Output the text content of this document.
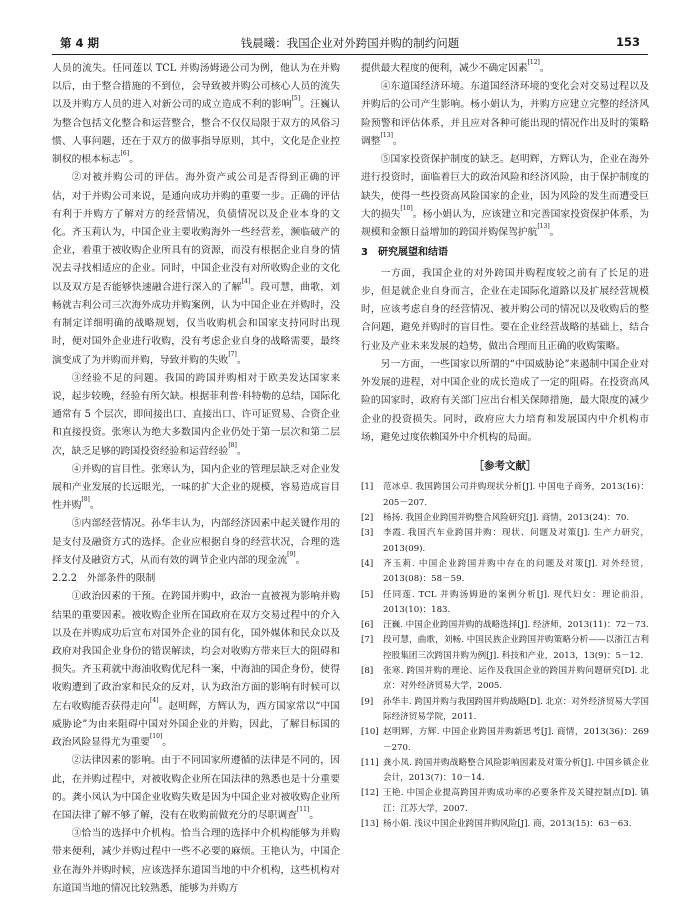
第 4 期	钱晨曦：我国企业对外跨国并购的制约问题	153

人员的流失。任同莲以 TCL 并购汤姆逊公司为例，他认为在并购以后，由于整合措施的不到位，会导致被并购公司核心人员的流失以及并购方人员的进入对新公司的成立造成不利的影响[5]。汪巍认为整合包括文化整合和运营整合，整合不仅仅局限于双方的风俗习惯、人事问题，还在于双方的做事指导原则，其中，文化是企业控制权的根本标志[6]。

②对被并购公司的评估。海外资产或公司是否得到正确的评估，对于并购公司来说，是通向成功并购的重要一步。正确的评估有利于并购方了解对方的经营情况，负债情况以及企业本身的文化。齐玉莉认为，中国企业主要收购海外一些经营差，濒临破产的企业，着重于被收购企业所具有的资源，而没有根据企业自身的情况去寻找相适应的企业。同时，中国企业没有对所收购企业的文化以及双方是否能够快速融合进行深入的了解[4]。段可慧，曲歌，刘畅就吉利公司三次海外成功并购案例，认为中国企业在并购时，没有制定详细明确的战略规划，仅当收购机会和国家支持同时出现时，便对国外企业进行收购，没有考虑企业自身的战略需要，最终演变成了为并购而并购，导致并购的失败[7]。

③经验不足的问题。我国的跨国并购相对于欧美发达国家来说，起步较晚，经验有所欠缺。根据菲利普·科特勒的总结，国际化通常有 5 个层次，即间接出口、直接出口、许可证贸易、合资企业和直接投资。张寒认为绝大多数国内企业仍处于第一层次和第二层次，缺乏足够的跨国投资经验和运营经验[8]。

④并购的盲目性。张寒认为，国内企业的管理层缺乏对企业发展和产业发展的长远眼光，一味的扩大企业的规模，容易造成盲目性并购[8]。

⑤内部经营情况。孙华丰认为，内部经济因素中起关键作用的是支付及融资方式的选择。企业应根据自身的经营状况，合理的选择支付及融资方式，从而有效的调节企业内部的现金流[9]。

2.2.2　外部条件的限制

①政治因素的干预。在跨国并购中，政治一直被视为影响并购结果的重要因素。被收购企业所在国政府在双方交易过程中的介入以及在并购成功后宣布对国外企业的国有化，国外媒体和民众以及政府对我国企业身份的错误解读，均会对收购方带来巨大的阻碍和损失。齐玉莉就中海油收购优尼科一案，中海油的国企身份，使得收购遭到了政治家和民众的反对，认为政治方面的影响有时候可以左右收购能否获得走向[4]。赵明辉，方辉认为，西方国家常以“中国威胁论”为由来阻碍中国对外国企业的并购，因此，了解目标国的政治风险显得尤为重要[10]。

②法律因素的影响。由于不同国家所遵循的法律是不同的，因此，在并购过程中，对被收购企业所在国法律的熟悉也是十分重要的。龚小凤认为中国企业收购失败是因为中国企业对被收购企业所在国法律了解不够了解，没有在收购前做充分的尽职调查[11]。

③恰当的选择中介机构。恰当合理的选择中介机构能够为并购带来便利，减少并购过程中一些不必要的麻烦。王艳认为，中国企业在海外并购时候，应该选择东道国当地的中介机构，这些机构对东道国当地的情况比较熟悉，能够为并购方

提供最大程度的便利，减少不确定因素[12]。

④东道国经济环境。东道国经济环境的变化会对交易过程以及并购后的公司产生影响。杨小娟认为，并购方应建立完整的经济风险预警和评估体系，并且应对各种可能出现的情况作出及时的策略调整[13]。

⑤国家投资保护制度的缺乏。赵明辉，方辉认为，企业在海外进行投资时，面临着巨大的政治风险和经济风险，由于保护制度的缺失，使得一些投资高风险国家的企业，因为风险的发生而遭受巨大的损失[10]。杨小娟认为，应该建立和完善国家投资保护体系，为规模和金额日益增加的跨国并购保驾护航[13]。

3　研究展望和结语

一方面，我国企业的对外跨国并购程度较之前有了长足的进步，但是就企业自身而言，企业在走国际化道路以及扩展经营规模时，应该考虑自身的经营情况、被并购公司的情况以及收购后的整合问题，避免并购时的盲目性。要在企业经营战略的基础上，结合行业及产业未来发展的趋势，做出合理而且正确的收购策略。

另一方面，一些国家以所谓的“中国威胁论”来遏制中国企业对外发展的进程，对中国企业的成长造成了一定的阻碍。在投资高风险的国家时，政府有关部门应出台相关保障措施，最大限度的减少企业的投资损失。同时，政府应大力培育和发展国内中介机构市场，避免过度依赖国外中介机构的局面。

［参考文献］
[1]	范冰卓. 我国跨国公司并购现状分析[J]. 中国电子商务，2013(16)：205－207.
[2]	杨扬. 我国企业跨国并购整合风险研究[J]. 商情，2013(24)：70.
[3]	李霞. 我国汽车业跨国并购：现状、问题及对策[J]. 生产力研究，2013(09).
[4]	齐玉莉. 中国企业跨国并购中存在的问题及对策[J]. 对外经贸，2013(08)：58－59.
[5]	任同莲. TCL 并购汤姆逊的案例分析[J]. 现代妇女：理论前沿，2013(10)：183.
[6]	汪巍. 中国企业跨国并购的战略选择[J]. 经济师，2013(11)：72－73.
[7]	段可慧，曲歌，刘畅. 中国民族企业跨国并购策略分析——以浙江吉利控股集团三次跨国并购为例[J]. 科技和产业，2013，13(9)：5－12.
[8]	张寒. 跨国并购的理论、运作及我国企业的跨国并购问题研究[D]. 北京：对外经济贸易大学，2005.
[9]	孙华丰. 跨国并购与我国跨国并购战略[D]. 北京：对外经济贸易大学国际经济贸易学院，2011.
[10] 赵明辉，方辉. 中国企业跨国并购新思考[J]. 商情，2013(36)：269－270.
[11] 龚小凤. 跨国并购战略整合风险影响因素及对策分析[J]. 中国乡镇企业会计，2013(7)：10－14.
[12] 王艳. 中国企业提高跨国并购成功率的必要条件及关键控制点[D]. 镇江：江苏大学，2007.
[13] 杨小娟. 浅议中国企业跨国并购风险[J]. 商，2013(15)：63－63.
